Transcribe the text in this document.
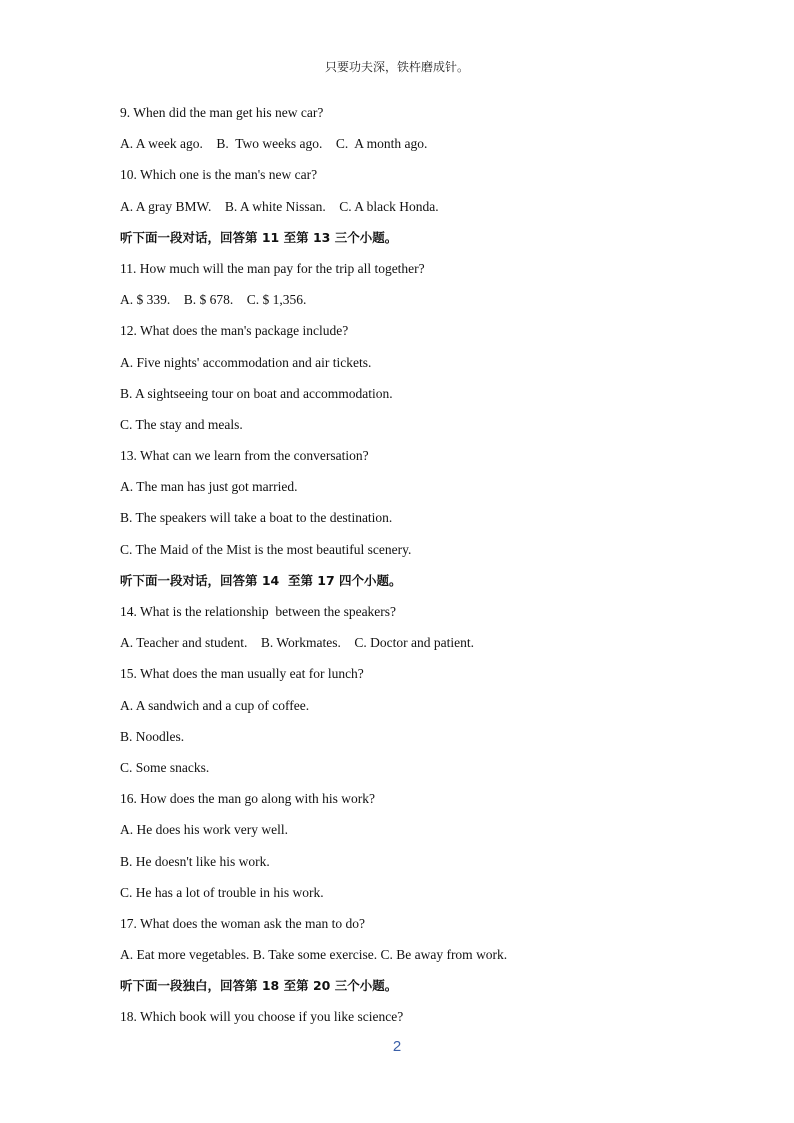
只要功夫深，铁杵磨成针。
9. When did the man get his new car?
A. A week ago.    B.  Two weeks ago.    C.  A month ago.
10. Which one is the man's new car?
A. A gray BMW.    B. A white Nissan.    C. A black Honda.
听下面一段对话，回答第 11 至第 13 三个小题。
11. How much will the man pay for the trip all together?
A. $ 339.    B. $ 678.    C. $ 1,356.
12. What does the man's package include?
A. Five nights' accommodation and air tickets.
B. A sightseeing tour on boat and accommodation.
C. The stay and meals.
13. What can we learn from the conversation?
A. The man has just got married.
B. The speakers will take a boat to the destination.
C. The Maid of the Mist is the most beautiful scenery.
听下面一段对话，回答第 14  至第 17 四个小题。
14. What is the relationship  between the speakers?
A. Teacher and student.    B. Workmates.    C. Doctor and patient.
15. What does the man usually eat for lunch?
A. A sandwich and a cup of coffee.
B. Noodles.
C. Some snacks.
16. How does the man go along with his work?
A. He does his work very well.
B. He doesn't like his work.
C. He has a lot of trouble in his work.
17. What does the woman ask the man to do?
A. Eat more vegetables. B. Take some exercise. C. Be away from work.
听下面一段独白，回答第 18 至第 20 三个小题。
18. Which book will you choose if you like science?
2
